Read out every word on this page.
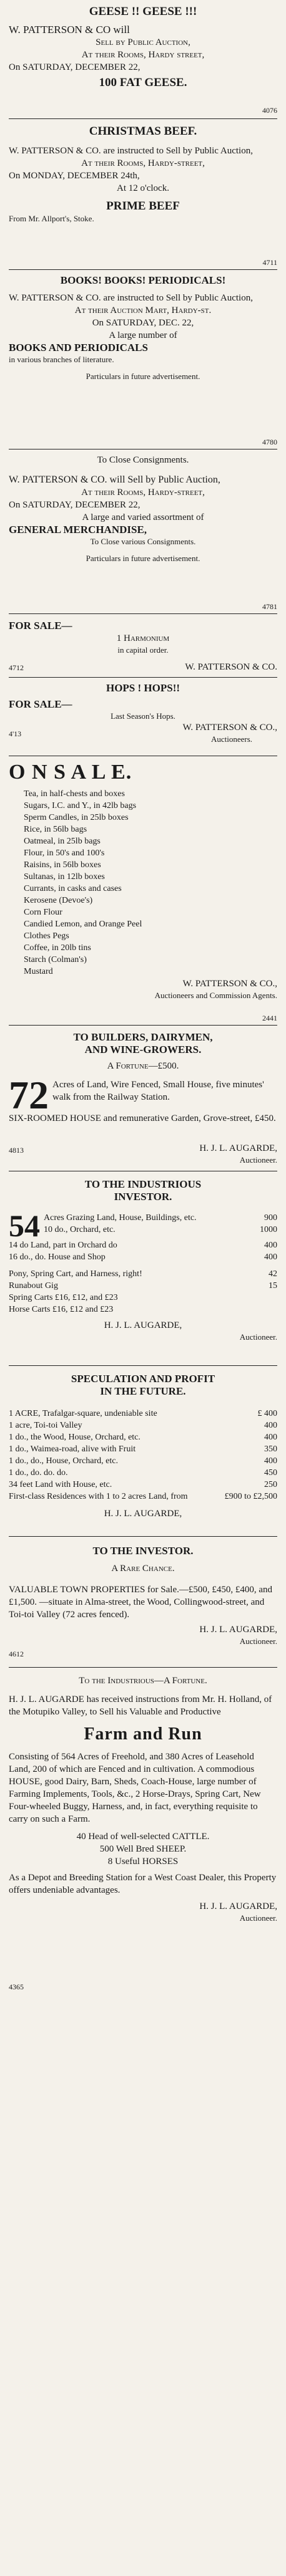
GEESE !! GEESE !!!
W. PATTERSON & CO will
Sell by Public Auction,
At their Rooms, Hardy street,
On SATURDAY, DECEMBER 22,
100 FAT GEESE.
4076
CHRISTMAS BEEF.
W. PATTERSON & CO. are instructed to Sell by Public Auction,
At their Rooms, Hardy-street,
On MONDAY, DECEMBER 24th,
At 12 o'clock.
PRIME BEEF
From Mr. Allport's, Stoke.
4711
BOOKS! BOOKS! PERIODICALS!
W. PATTERSON & CO. are instructed to Sell by Public Auction,
At their Auction Mart, Hardy-st.
On SATURDAY, DEC. 22,
A large number of
BOOKS AND PERIODICALS
in various branches of literature.
Particulars in future advertisement.
4780
To Close Consignments.
W. PATTERSON & CO. will Sell by Public Auction,
At their Rooms, Hardy-street,
On SATURDAY, DECEMBER 22,
A large and varied assortment of
GENERAL MERCHANDISE,
To Close various Consignments.
Particulars in future advertisement.
4781
FOR SALE—
1 Harmonium
in capital order.
4712	W. PATTERSON & CO.
HOPS ! HOPS!!
FOR SALE—
Last Season's Hops.
W. PATTERSON & CO.,
Auctioneers.
4'13
O N S A L E.
Tea, in half-chests and boxes
Sugars, I.C. and Y., in 42lb bags
Sperm Candles, in 25lb boxes
Rice, in 56lb bags
Oatmeal, in 25lb bags
Flour, in 50's and 100's
Raisins, in 56lb boxes
Sultanas, in 12lb boxes
Currants, in casks and cases
Kerosene (Devoe's)
Corn Flour
Candied Lemon, and Orange Peel
Clothes Pegs
Coffee, in 20lb tins
Starch (Colman's)
Mustard
W. PATTERSON & CO.,
Auctioneers and Commission Agents.
2441
TO BUILDERS, DAIRYMEN,
AND WINE-GROWERS.
A Fortune—£500.
72 Acres of Land, Wire Fenced, Small House, five minutes' walk from the Railway Station.
SIX-ROOMED HOUSE and remunerative Garden, Grove-street, £450.
4813	H. J. L. AUGARDE,
Auctioneer.
TO THE INDUSTRIOUS
INVESTOR.
54 Acres Grazing Land, House, Buildings, etc.	900
10 do., Orchard, etc.	1000
14 do Land, part in Orchard do	400
16 do., do. House and Shop	400
Pony, Spring Cart, and Harness, right!	42
Runabout Gig	15
Spring Carts £16, £12, and £23
Horse Carts £16, £12 and £23
H. J. L. AUGARDE,
Auctioneer.
SPECULATION AND PROFIT
IN THE FUTURE.
1 ACRE, Trafalgar-square, undeniable site	£ 400
1 acre, Toi-toi Valley	400
1 do., the Wood, House, Orchard, etc.	400
1 do., Waimea-road, alive with Fruit	350
1 do., do., House, Orchard, etc.	400
1 do., do. do. do.	450
34 feet Land with House, etc.	250
First-class Residences with 1 to 2 acres Land, from	£900 to £2,500
H. J. L. AUGARDE,
TO THE INVESTOR.
A Rare Chance.
VALUABLE TOWN PROPERTIES for Sale.—£500, £450, £400, and £1,500. —situate in Alma-street, the Wood, Collingwood-street, and Toi-toi Valley (72 acres fenced).
H. J. L. AUGARDE,
Auctioneer.
4612
To the Industrious—A Fortune.
H. J. L. AUGARDE has received instructions from Mr. H. Holland, of the Motupiko Valley, to Sell his Valuable and Productive
Farm and Run
Consisting of 564 Acres of Freehold, and 380 Acres of Leasehold Land, 200 of which are Fenced and in cultivation. A commodious HOUSE, good Dairy, Barn, Sheds, Coach-House, large number of Farming Implements, Tools, &c., 2 Horse-Drays, Spring Cart, New Four-wheeled Buggy, Harness, and, in fact, everything requisite to carry on such a Farm.
40 Head of well-selected CATTLE.
500 Well Bred SHEEP.
8 Useful HORSES
As a Depot and Breeding Station for a West Coast Dealer, this Property offers undeniable advantages.
H. J. L. AUGARDE,
Auctioneer.
4365
